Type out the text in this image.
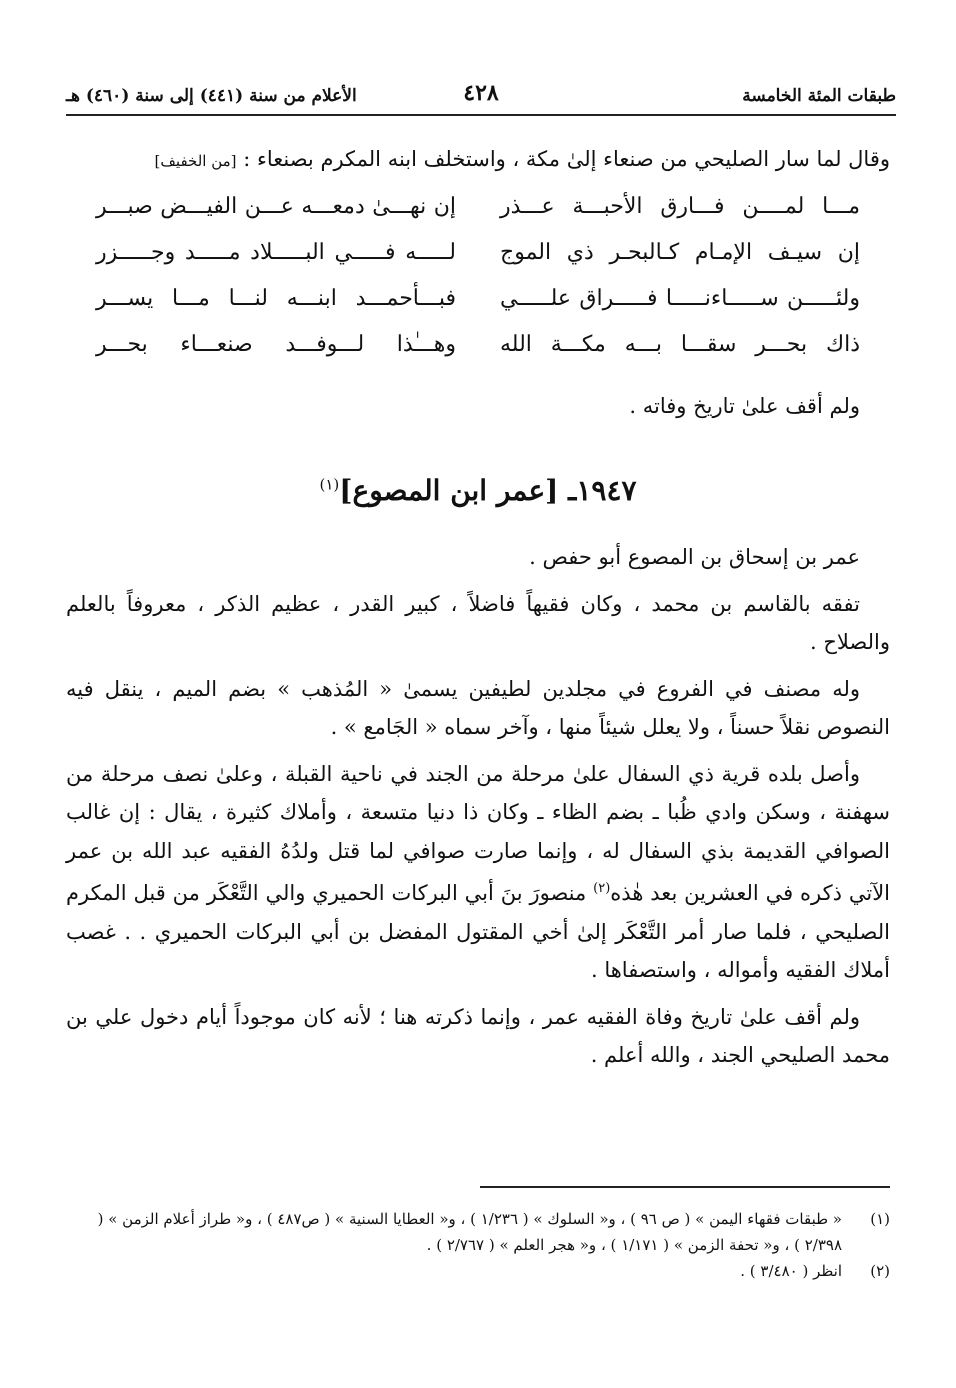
طبقات المئة الخامسة
٤٢٨
الأعلام من سنة (٤٤١) إلى سنة (٤٦٠) هـ
وقال لما سار الصليحي من صنعاء إلىٰ مكة ، واستخلف ابنه المكرم بصنعاء : [من الخفيف]
مـــا لمــــن فـــارق الأحبـــة عـــذر
إن نهـــىٰ دمعـــه عـــن الفيـــض صبـــر
إن سيـف الإمـام كـالبحـر ذي الموج
لـــــه فـــــي البـــــلاد مـــــد وجـــــزر
ولئـــــن ســـــاءنـــــا فـــــراق علـــــي
فبـــأحمـــد ابنـــه لنـــا مـــا يســـر
ذاك بحـــر سقـــا بـــه مكـــة الله
وهـــٰذا لـــوفـــد صنعـــاء بحـــر
ولم أقف علىٰ تاريخ وفاته .
١٩٤٧ـ [عمر ابن المصوع]$^{(١)}$

عمر بن إسحاق بن المصوع أبو حفص .

تفقه بالقاسم بن محمد ، وكان فقيهاً فاضلاً ، كبير القدر ، عظيم الذكر ، معروفاً بالعلم والصلاح .

وله مصنف في الفروع في مجلدين لطيفين يسمىٰ « المُذهب » بضم الميم ، ينقل فيه النصوص نقلاً حسناً ، ولا يعلل شيئاً منها ، وآخر سماه « الجَامع » .

وأصل بلده قرية ذي السفال علىٰ مرحلة من الجند في ناحية القبلة ، وعلىٰ نصف مرحلة من سهفنة ، وسكن وادي ظُبا ـ بضم الظاء ـ وكان ذا دنيا متسعة ، وأملاك كثيرة ، يقال : إن غالب الصوافي القديمة بذي السفال له ، وإنما صارت صوافي لما قتل ولدُهُ الفقيه عبد الله بن عمر الآتي ذكره في العشرين بعد هٰذه$^{(٢)}$ منصورَ بنَ أبي البركات الحميري والي التَّعْكَر من قبل المكرم الصليحي ، فلما صار أمر التَّعْكَر إلىٰ أخي المقتول المفضل بن أبي البركات الحميري . . غصب أملاك الفقيه وأمواله ، واستصفاها .

ولم أقف علىٰ تاريخ وفاة الفقيه عمر ، وإنما ذكرته هنا ؛ لأنه كان موجوداً أيام دخول علي بن محمد الصليحي الجند ، والله أعلم .

(١)
« طبقات فقهاء اليمن » ( ص ٩٦ ) ، و« السلوك » ( ١/٢٣٦ ) ، و« العطايا السنية » ( ص٤٨٧ ) ، و« طراز أعلام الزمن » ( ٢/٣٩٨ ) ، و« تحفة الزمن » ( ١/١٧١ ) ، و« هجر العلم » ( ٢/٧٦٧ ) .
(٢)
انظر ( ٣/٤٨٠ ) .
